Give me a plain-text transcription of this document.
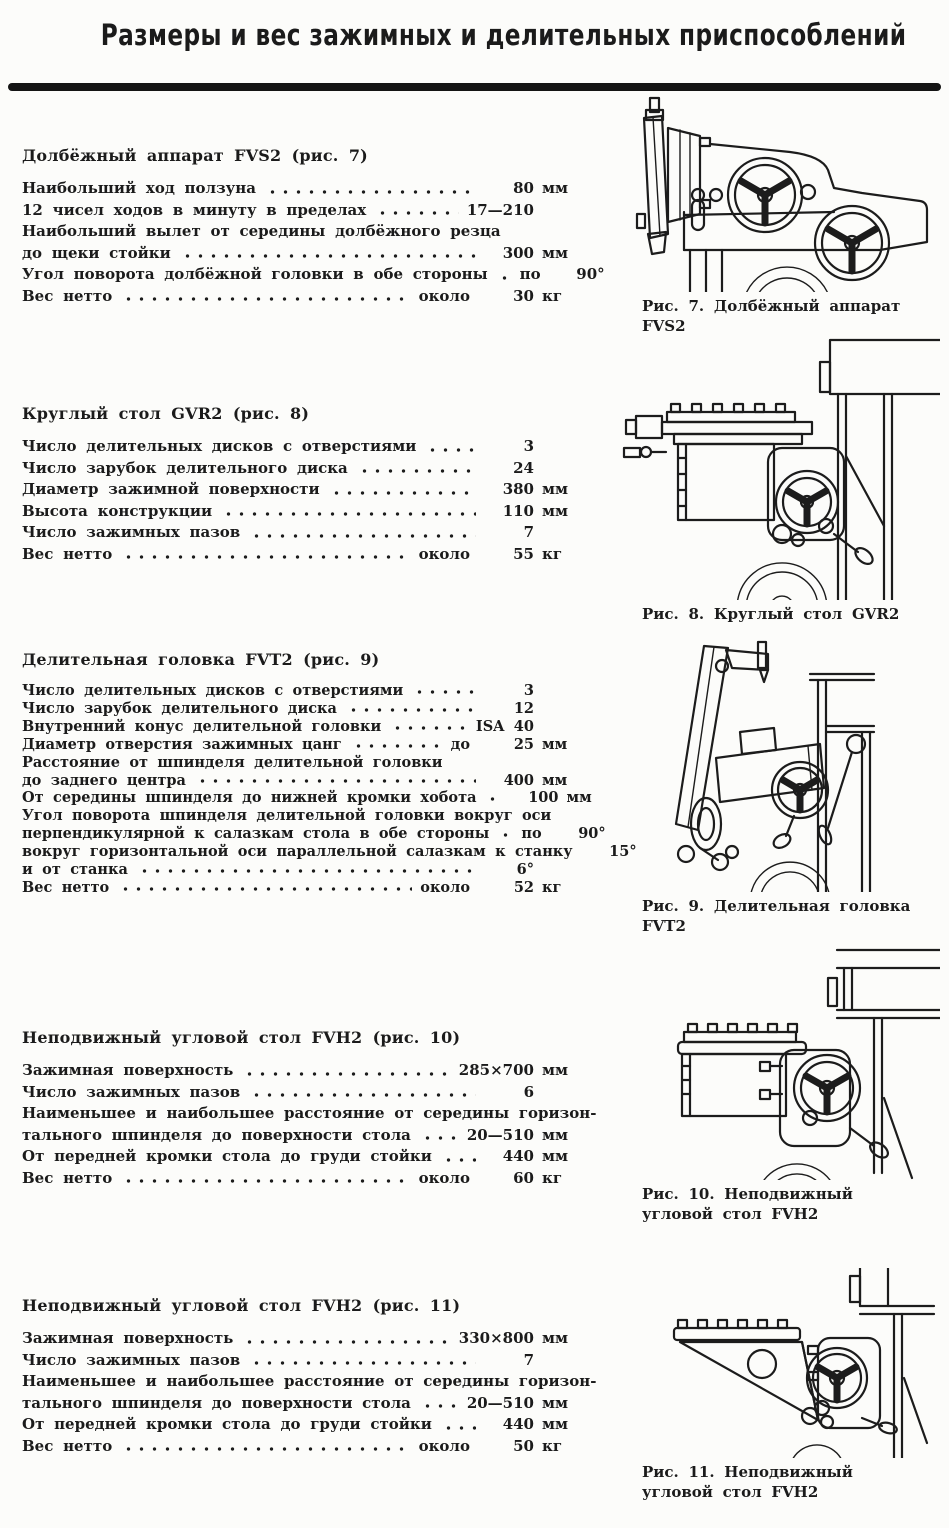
Размеры и вес зажимных и делительных приспособлений
Долбёжный аппарат FVS2 (рис. 7)
Наибольший ход ползуна	80 мм
12 чисел ходов в минуту в пределах	17—210
Наибольший вылет от середины долбёжного резца
до щеки стойки	300 мм
Угол поворота долбёжной головки в обе стороны по	90°
Вес нетто	около	30 кг
Круглый стол GVR2 (рис. 8)
Число делительных дисков с отверстиями	3
Число зарубок делительного диска	24
Диаметр зажимной поверхности	380 мм
Высота конструкции	110 мм
Число зажимных пазов	7
Вес нетто	около	55 кг
Делительная головка FVT2 (рис. 9)
Число делительных дисков с отверстиями	3
Число зарубок делительного диска	12
Внутренний конус делительной головки	ISA 40
Диаметр отверстия зажимных цанг	до	25 мм
Расстояние от шпинделя делительной головки
до заднего центра	400 мм
От середины шпинделя до нижней кромки хобота	100 мм
Угол поворота шпинделя делительной головки вокруг оси
перпендикулярной к салазкам стола в обе стороны по	90°
вокруг горизонтальной оси параллельной салазкам к станку	15°
и от станка	6°
Вес нетто	около	52 кг
Неподвижный угловой стол FVH2 (рис. 10)
Зажимная поверхность	285×700 мм
Число зажимных пазов	6
Наименьшее и наибольшее расстояние от середины горизон-
тального шпинделя до поверхности стола	20—510 мм
От передней кромки стола до груди стойки	440 мм
Вес нетто	около	60 кг
Неподвижный угловой стол FVH2 (рис. 11)
Зажимная поверхность	330×800 мм
Число зажимных пазов	7
Наименьшее и наибольшее расстояние от середины горизон-
тального шпинделя до поверхности стола	20—510 мм
От передней кромки стола до груди стойки	440 мм
Вес нетто	около	50 кг
Рис. 7. Долбёжный аппарат FVS2
Рис. 8. Круглый стол GVR2
Рис. 9. Делительная головка FVT2
Рис. 10. Неподвижный угловой стол FVH2
Рис. 11. Неподвижный угловой стол FVH2
